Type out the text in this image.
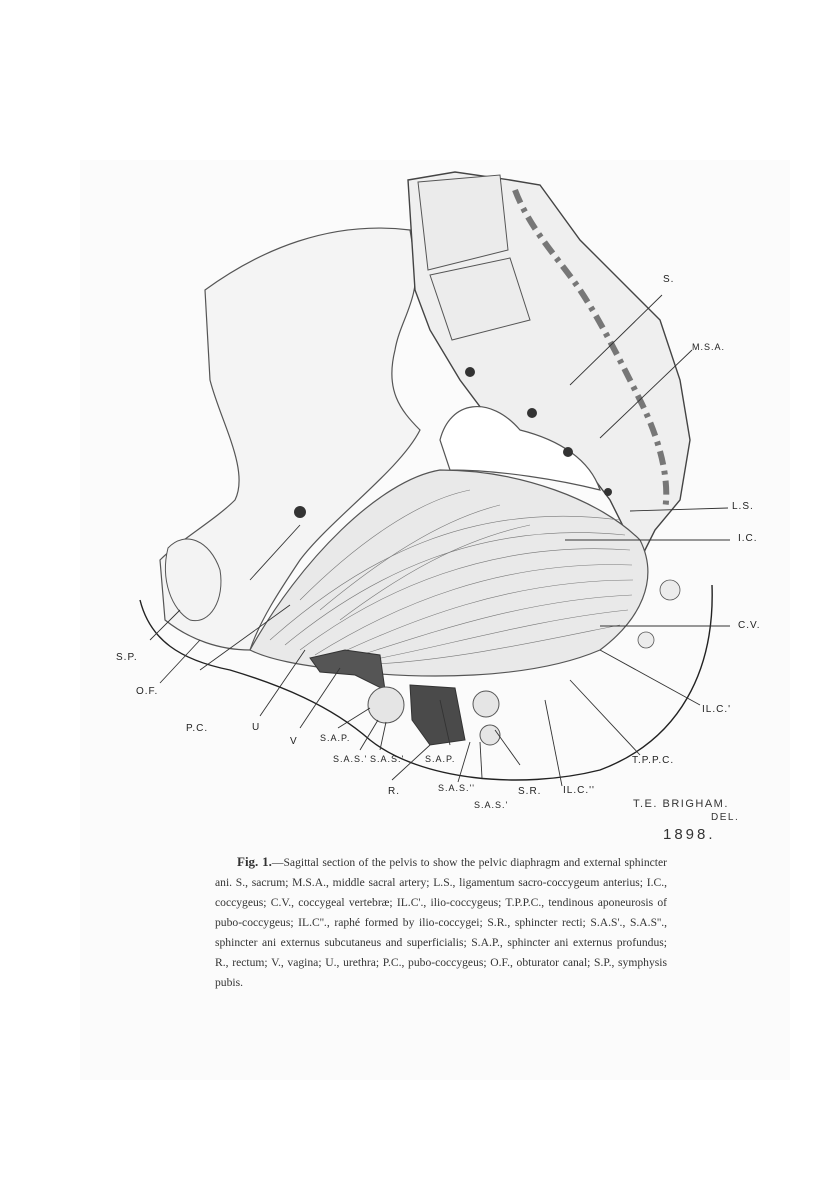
S.
M.S.A.
L.S.
I.C.
C.V.
IL.C.'
T.P.P.C.
IL.C.''
S.R.
S.A.S.'
S.A.S.''
R.
S.A.P.
S.A.S.'
S.A.S.'
S.A.P.
V
U
P.C.
O.F.
S.P.
T.E. BRIGHAM.
DEL.
1898.
Fig. 1.—Sagittal section of the pelvis to show the pelvic diaphragm and external sphincter ani. S., sacrum; M.S.A., middle sacral artery; L.S., ligamentum sacro-coccygeum anterius; I.C., coccygeus; C.V., coccygeal vertebræ; IL.C'., ilio-coccygeus; T.P.P.C., tendinous aponeurosis of pubo-coccygeus; IL.C''., raphé formed by ilio-coccygei; S.R., sphincter recti; S.A.S'., S.A.S''., sphincter ani externus subcutaneus and superficialis; S.A.P., sphincter ani externus profundus; R., rectum; V., vagina; U., urethra; P.C., pubo-coccygeus; O.F., obturator canal; S.P., symphysis pubis.
